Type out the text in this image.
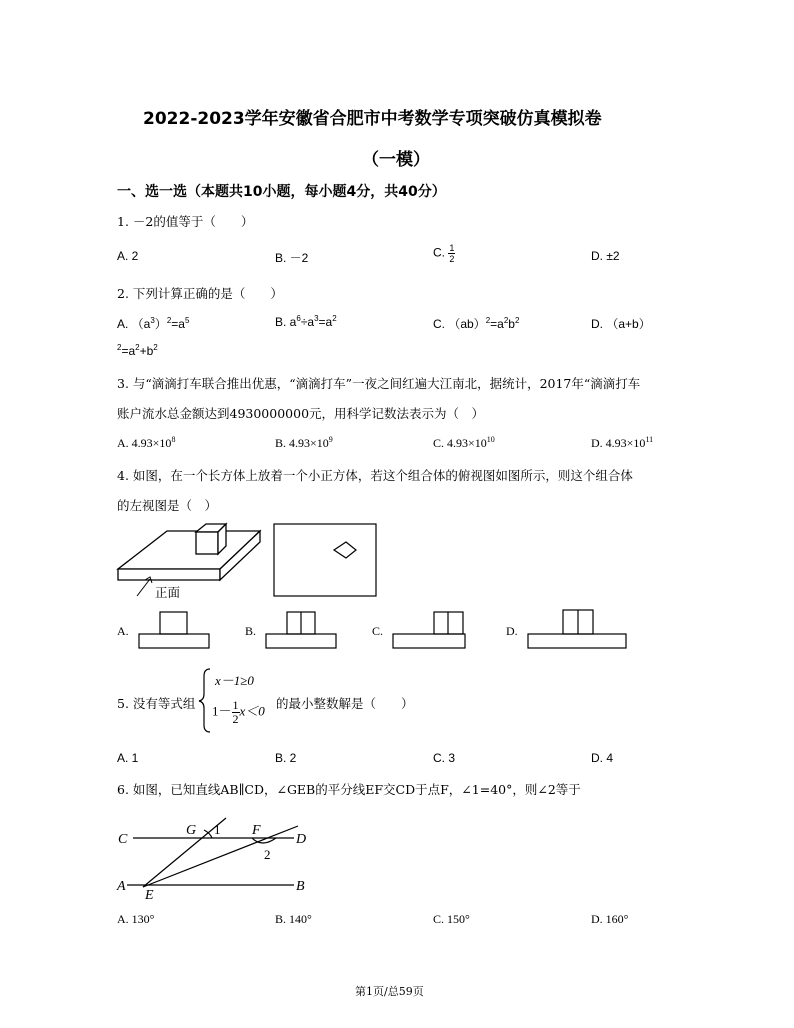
2022-2023学年安徽省合肥市中考数学专项突破仿真模拟卷
（一模）
一、选一选（本题共10小题，每小题4分，共40分）
1. －2的值等于（　　）
A. 2	B. －2	C. $\frac{1}{2}$	D. ±2
2. 下列计算正确的是（　　）
A. $(a^3)^2=a^5$	B. $a^6\div a^3=a^2$	C. $(ab)^2=a^2b^2$	D. （a+b）
$^2=a^2+b^2$
3. 与“滴滴打车联合推出优惠，“滴滴打车”一夜之间红遍大江南北，据统计，2017年“滴滴打车
账户流水总金额达到4930000000元，用科学记数法表示为（　）
A. $4.93\times 10^8$	B. $4.93\times 10^9$	C. $4.93\times 10^{10}$	D. $4.93\times 10^{11}$
4. 如图，在一个长方体上放着一个小正方体，若这个组合体的俯视图如图所示，则这个组合体
的左视图是（　）
正面
A.	B.	C.	D.
5. 没有等式组
x－1≥0
$1- \frac{1}{2} x<0$ 的最小整数解是（　　）
A. 1	B. 2	C. 3	D. 4
6. 如图，已知直线AB∥CD，∠GEB的平分线EF交CD于点F，∠1=40°，则∠2等于
C
G 1 F
D
2
A
E
B
A. 130°	B. 140°	C. 150°	D. 160°
第1页/总59页
